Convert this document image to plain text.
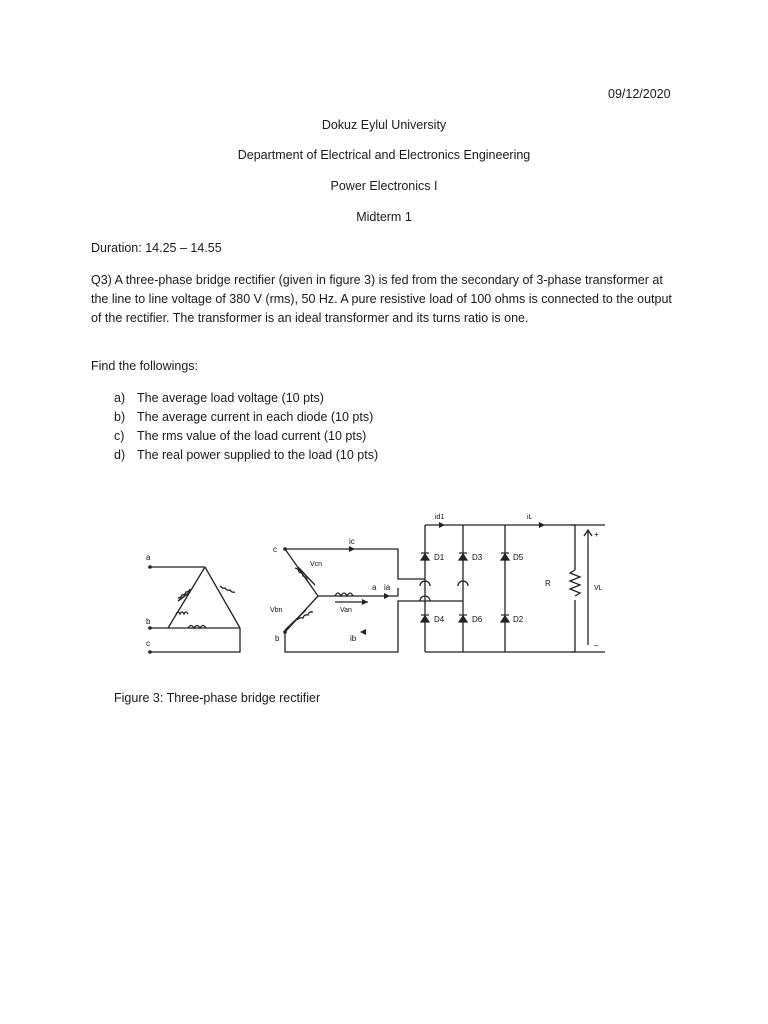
09/12/2020
Dokuz Eylul University
Department of Electrical and Electronics Engineering
Power Electronics I
Midterm 1
Duration: 14.25 – 14.55
Q3) A three-phase bridge rectifier (given in figure 3) is fed from the secondary of 3-phase transformer at the line to line voltage of 380 V (rms), 50 Hz. A pure resistive load of 100 ohms is connected to the output of the rectifier. The transformer is an ideal transformer and its turns ratio is one.
Find the followings:
a) The average load voltage (10 pts)
b) The average current in each diode (10 pts)
c)	The rms value of the load current (10 pts)
d) The real power supplied to the load (10 pts)
a
b
c
c
a
b
Vcn
Vbn	Van
ic
ia
ib
id1	iL
D1	D3	D5
D4	D6	D2
R
VL
+
–
Figure 3: Three-phase bridge rectifier
